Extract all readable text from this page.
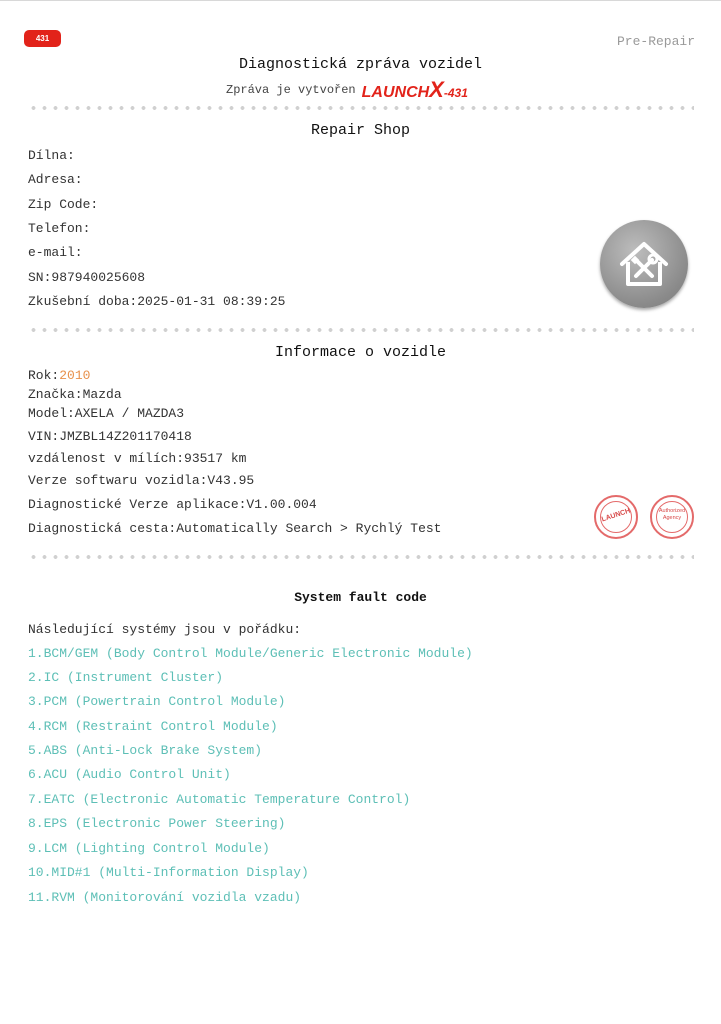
431	Pre-Repair
Diagnostická zpráva vozidel
Zpráva je vytvořen LAUNCHX-431
Repair Shop
Dílna:
Adresa:
Zip Code:
Telefon:
e-mail:
SN:987940025608
Zkušební doba:2025-01-31 08:39:25
Informace o vozidle
Rok:2010
Značka:Mazda
Model:AXELA / MAZDA3
VIN:JMZBL14Z201170418
vzdálenost v mílích:93517 km
Verze softwaru vozidla:V43.95
Diagnostické Verze aplikace:V1.00.004
Diagnostická cesta:Automatically Search > Rychlý Test
LAUNCH	Authorized Agency
System fault code
Následující systémy jsou v pořádku:
1.BCM/GEM (Body Control Module/Generic Electronic Module)
2.IC (Instrument Cluster)
3.PCM (Powertrain Control Module)
4.RCM (Restraint Control Module)
5.ABS (Anti-Lock Brake System)
6.ACU (Audio Control Unit)
7.EATC (Electronic Automatic Temperature Control)
8.EPS (Electronic Power Steering)
9.LCM (Lighting Control Module)
10.MID#1 (Multi-Information Display)
11.RVM (Monitorování vozidla vzadu)
